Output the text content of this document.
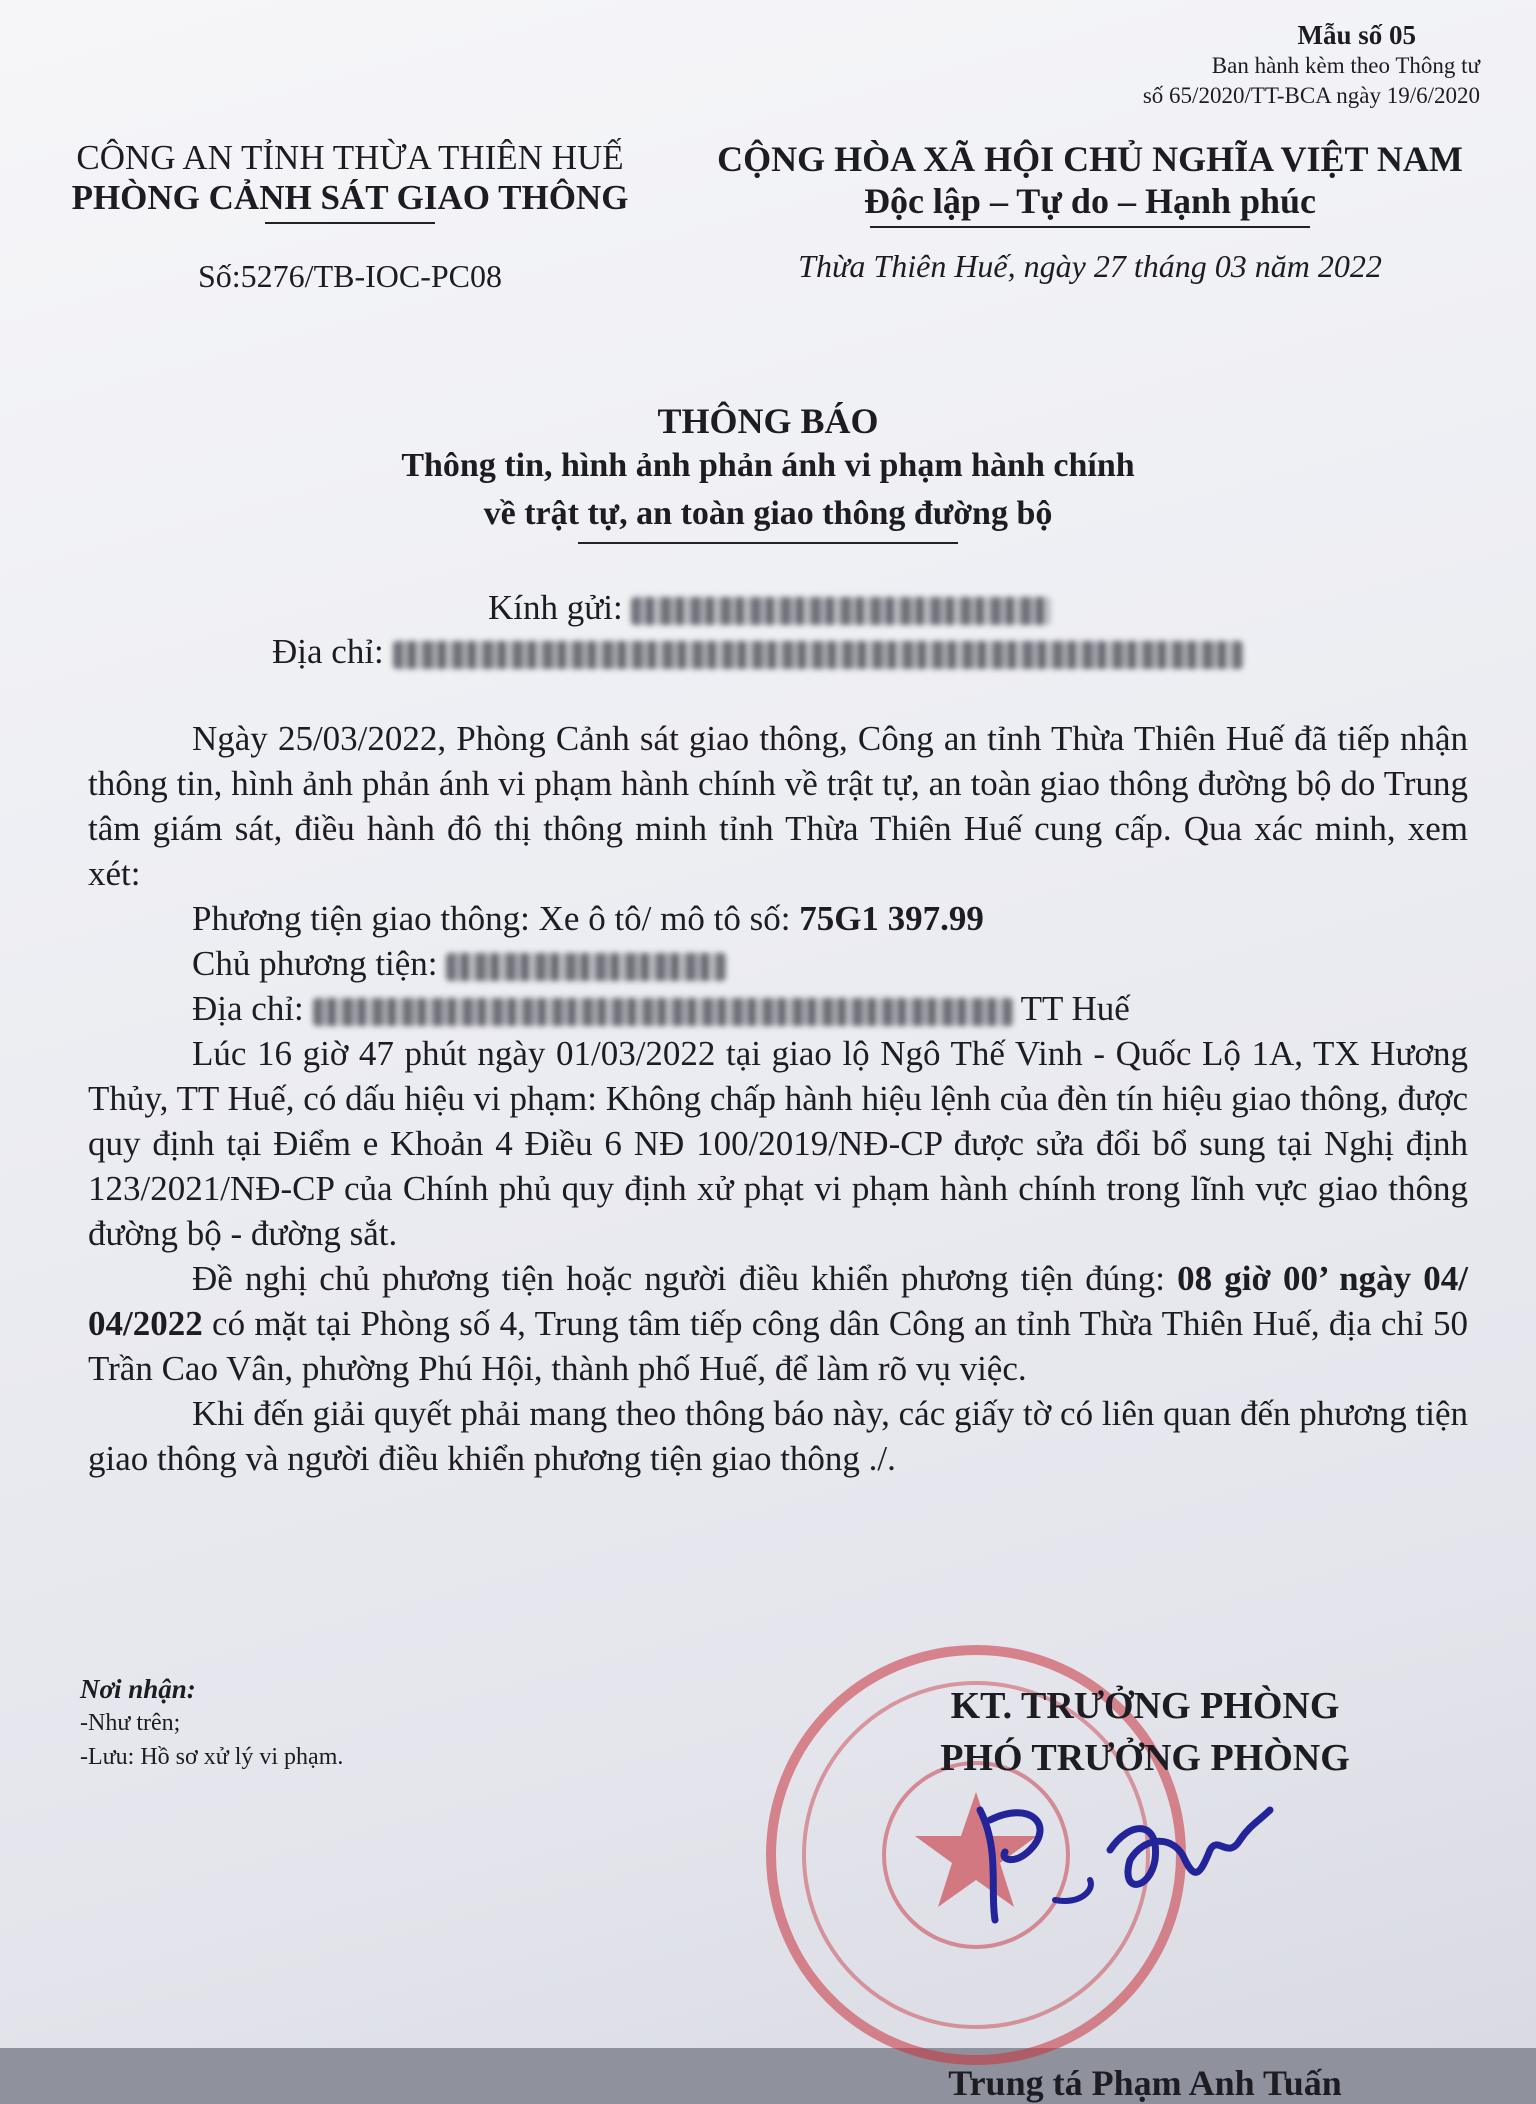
Mẫu số 05
Ban hành kèm theo Thông tư
số 65/2020/TT-BCA ngày 19/6/2020
CÔNG AN TỈNH THỪA THIÊN HUẾ
PHÒNG CẢNH SÁT GIAO THÔNG
CỘNG HÒA XÃ HỘI CHỦ NGHĨA VIỆT NAM
Độc lập – Tự do – Hạnh phúc
Số:5276/TB-IOC-PC08	Thừa Thiên Huế, ngày 27 tháng 03 năm 2022
THÔNG BÁO
Thông tin, hình ảnh phản ánh vi phạm hành chính
về trật tự, an toàn giao thông đường bộ
Kính gửi:
Địa chỉ:

Ngày 25/03/2022, Phòng Cảnh sát giao thông, Công an tỉnh Thừa Thiên Huế đã tiếp nhận thông tin, hình ảnh phản ánh vi phạm hành chính về trật tự, an toàn giao thông đường bộ do Trung tâm giám sát, điều hành đô thị thông minh tỉnh Thừa Thiên Huế cung cấp. Qua xác minh, xem xét:

Phương tiện giao thông: Xe ô tô/ mô tô số: 75G1 397.99
Chủ phương tiện:
Địa chỉ:	TT Huế

Lúc 16 giờ 47 phút ngày 01/03/2022 tại giao lộ Ngô Thế Vinh - Quốc Lộ 1A, TX Hương Thủy, TT Huế, có dấu hiệu vi phạm: Không chấp hành hiệu lệnh của đèn tín hiệu giao thông, được quy định tại Điểm e Khoản 4 Điều 6 NĐ 100/2019/NĐ-CP được sửa đổi bổ sung tại Nghị định 123/2021/NĐ-CP của Chính phủ quy định xử phạt vi phạm hành chính trong lĩnh vực giao thông đường bộ - đường sắt.

Đề nghị chủ phương tiện hoặc người điều khiển phương tiện đúng: 08 giờ 00’ ngày 04/ 04/2022 có mặt tại Phòng số 4, Trung tâm tiếp công dân Công an tỉnh Thừa Thiên Huế, địa chỉ 50 Trần Cao Vân, phường Phú Hội, thành phố Huế, để làm rõ vụ việc.

Khi đến giải quyết phải mang theo thông báo này, các giấy tờ có liên quan đến phương tiện giao thông và người điều khiển phương tiện giao thông ./.

Nơi nhận:
-Như trên;
-Lưu: Hồ sơ xử lý vi phạm.
KT. TRƯỞNG PHÒNG
PHÓ TRƯỞNG PHÒNG
Trung tá Phạm Anh Tuấn
